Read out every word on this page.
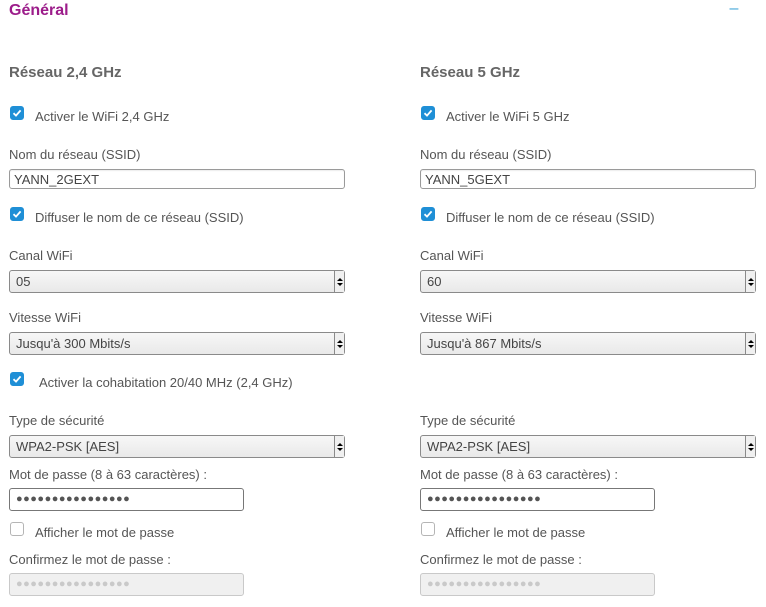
Général	–
Réseau 2,4 GHz
Activer le WiFi 2,4 GHz
Nom du réseau (SSID)
YANN_2GEXT
Diffuser le nom de ce réseau (SSID)
Canal WiFi
05
Vitesse WiFi
Jusqu'à 300 Mbits/s
Activer la cohabitation 20/40 MHz (2,4 GHz)
Type de sécurité
WPA2-PSK [AES]
Mot de passe (8 à 63 caractères) :
●●●●●●●●●●●●●●●●
Afficher le mot de passe
Confirmez le mot de passe :
●●●●●●●●●●●●●●●●
Réseau 5 GHz
Activer le WiFi 5 GHz
Nom du réseau (SSID)
YANN_5GEXT
Diffuser le nom de ce réseau (SSID)
Canal WiFi
60
Vitesse WiFi
Jusqu'à 867 Mbits/s
Type de sécurité
WPA2-PSK [AES]
Mot de passe (8 à 63 caractères) :
●●●●●●●●●●●●●●●●
Afficher le mot de passe
Confirmez le mot de passe :
●●●●●●●●●●●●●●●●
